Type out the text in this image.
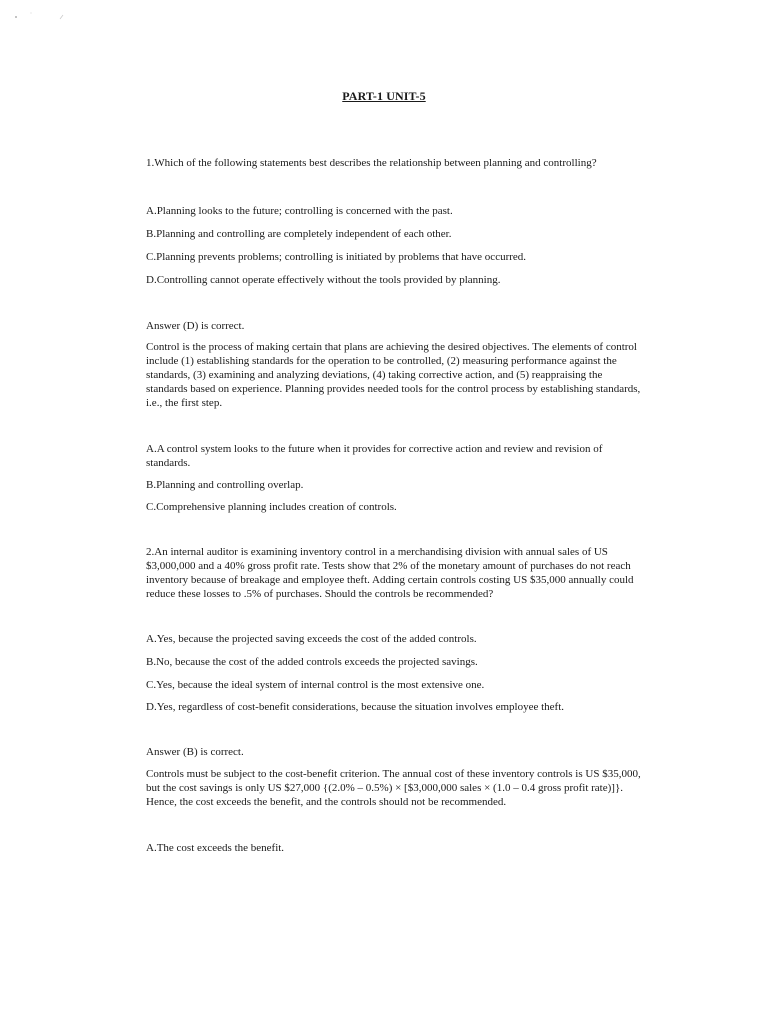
PART-1 UNIT-5
1.Which of the following statements best describes the relationship between planning and controlling?
A.Planning looks to the future; controlling is concerned with the past.
B.Planning and controlling are completely independent of each other.
C.Planning prevents problems; controlling is initiated by problems that have occurred.
D.Controlling cannot operate effectively without the tools provided by planning.
Answer (D) is correct.
Control is the process of making certain that plans are achieving the desired objectives. The elements of control include (1) establishing standards for the operation to be controlled, (2) measuring performance against the standards, (3) examining and analyzing deviations, (4) taking corrective action, and (5) reappraising the standards based on experience. Planning provides needed tools for the control process by establishing standards, i.e., the first step.
A.A control system looks to the future when it provides for corrective action and review and revision of standards.
B.Planning and controlling overlap.
C.Comprehensive planning includes creation of controls.
2.An internal auditor is examining inventory control in a merchandising division with annual sales of US $3,000,000 and a 40% gross profit rate. Tests show that 2% of the monetary amount of purchases do not reach inventory because of breakage and employee theft. Adding certain controls costing US $35,000 annually could reduce these losses to .5% of purchases. Should the controls be recommended?
A.Yes, because the projected saving exceeds the cost of the added controls.
B.No, because the cost of the added controls exceeds the projected savings.
C.Yes, because the ideal system of internal control is the most extensive one.
D.Yes, regardless of cost-benefit considerations, because the situation involves employee theft.
Answer (B) is correct.
Controls must be subject to the cost-benefit criterion. The annual cost of these inventory controls is US $35,000, but the cost savings is only US $27,000 {(2.0% – 0.5%) × [$3,000,000 sales × (1.0 – 0.4 gross profit rate)]}. Hence, the cost exceeds the benefit, and the controls should not be recommended.
A.The cost exceeds the benefit.
